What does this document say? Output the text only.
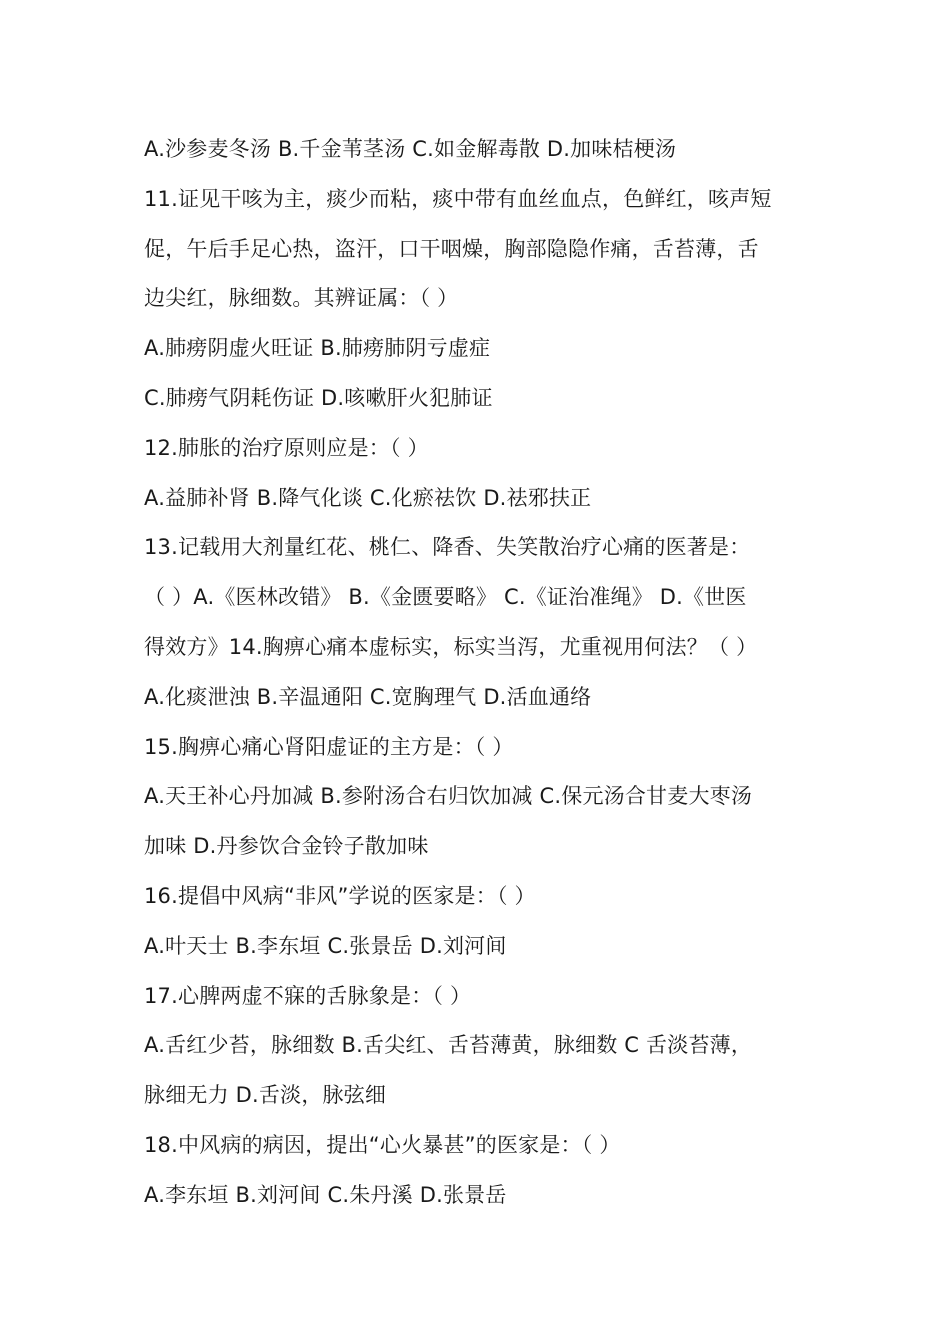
A.沙参麦冬汤 B.千金苇茎汤 C.如金解毒散 D.加味桔梗汤
11.证见干咳为主，痰少而粘，痰中带有血丝血点，色鲜红，咳声短
促，午后手足心热，盗汗，口干咽燥，胸部隐隐作痛，舌苔薄，舌
边尖红，脉细数。其辨证属：（ ）
A.肺痨阴虚火旺证 B.肺痨肺阴亏虚症
C.肺痨气阴耗伤证 D.咳嗽肝火犯肺证
12.肺胀的治疗原则应是：（ ）
A.益肺补肾 B.降气化谈 C.化瘀祛饮 D.祛邪扶正
13.记载用大剂量红花、桃仁、降香、失笑散治疗心痛的医著是：
（ ）A.《医林改错》 B.《金匮要略》 C.《证治准绳》 D.《世医
得效方》14.胸痹心痛本虚标实，标实当泻，尤重视用何法？（ ）
A.化痰泄浊 B.辛温通阳 C.宽胸理气 D.活血通络
15.胸痹心痛心肾阳虚证的主方是：（ ）
A.天王补心丹加减 B.参附汤合右归饮加减 C.保元汤合甘麦大枣汤
加味 D.丹参饮合金铃子散加味
16.提倡中风病“非风”学说的医家是：（ ）
A.叶天士 B.李东垣 C.张景岳 D.刘河间
17.心脾两虚不寐的舌脉象是：（ ）
A.舌红少苔，脉细数 B.舌尖红、舌苔薄黄，脉细数 C 舌淡苔薄，
脉细无力 D.舌淡，脉弦细
18.中风病的病因，提出“心火暴甚”的医家是：（ ）
A.李东垣 B.刘河间 C.朱丹溪 D.张景岳
